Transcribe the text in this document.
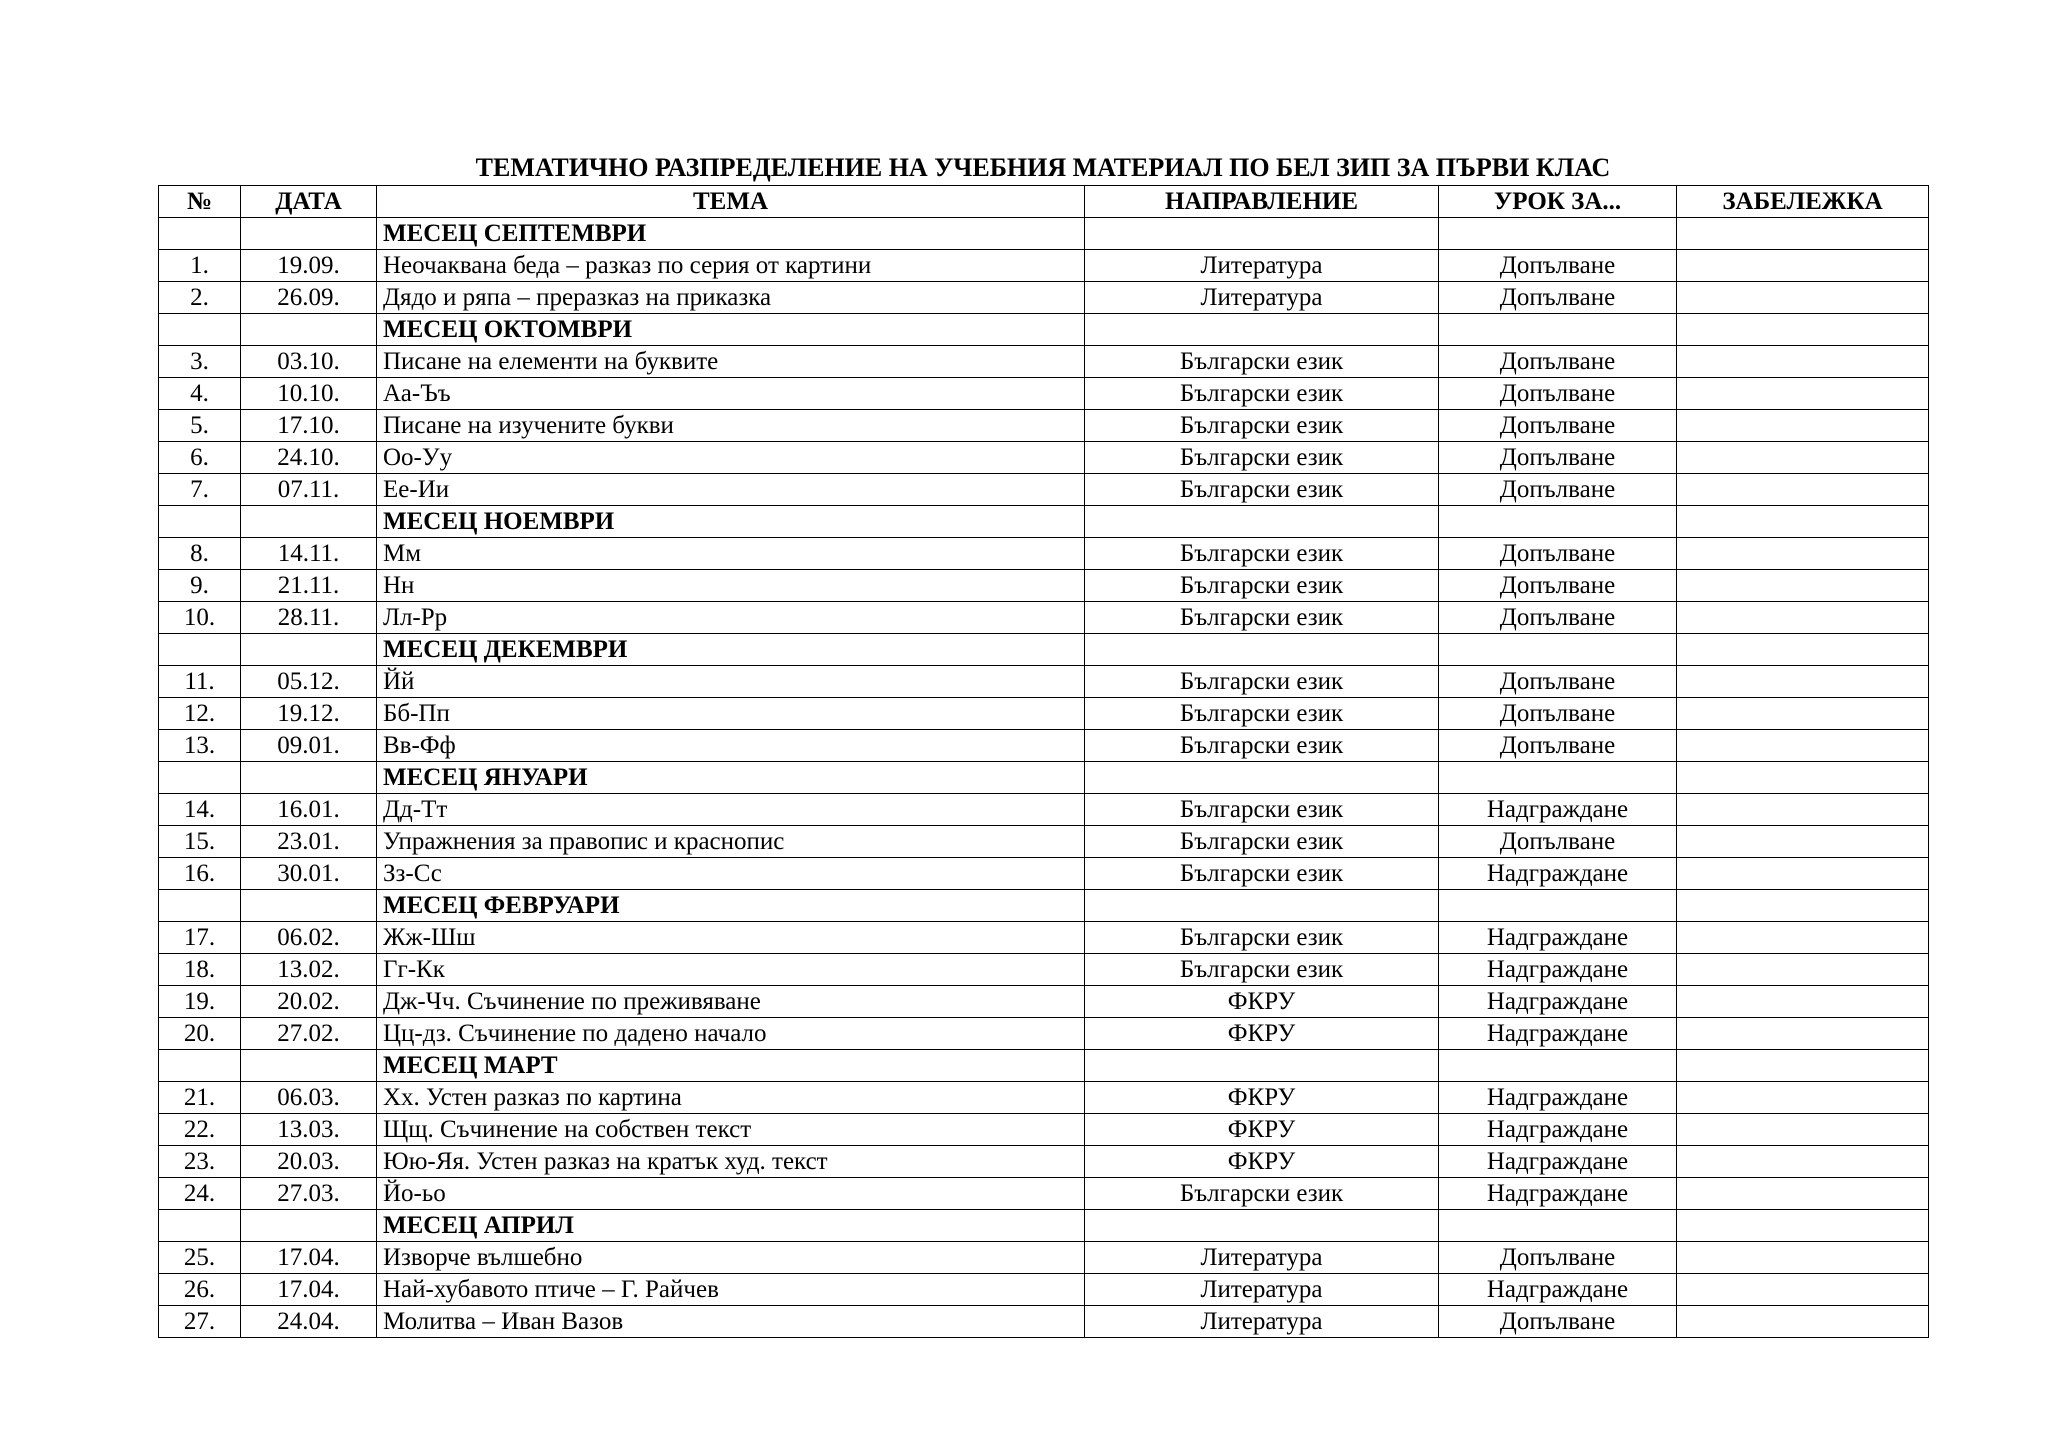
ТЕМАТИЧНО РАЗПРЕДЕЛЕНИЕ НА УЧЕБНИЯ МАТЕРИАЛ ПО БЕЛ ЗИП ЗА ПЪРВИ КЛАС
№	ДАТА	ТЕМА	НАПРАВЛЕНИЕ	УРОК ЗА...	ЗАБЕЛЕЖКА
		МЕСЕЦ СЕПТЕМВРИ			
1.	19.09.	Неочаквана беда – разказ по серия от картини	Литература	Допълване	
2.	26.09.	Дядо и ряпа – преразказ на приказка	Литература	Допълване	
		МЕСЕЦ ОКТОМВРИ			
3.	03.10.	Писане на елементи на буквите	Български език	Допълване	
4.	10.10.	Аа-Ъъ	Български език	Допълване	
5.	17.10.	Писане на изучените букви	Български език	Допълване	
6.	24.10.	Оо-Уу	Български език	Допълване	
7.	07.11.	Ее-Ии	Български език	Допълване	
		МЕСЕЦ НОЕМВРИ			
8.	14.11.	Мм	Български език	Допълване	
9.	21.11.	Нн	Български език	Допълване	
10.	28.11.	Лл-Рр	Български език	Допълване	
		МЕСЕЦ ДЕКЕМВРИ			
11.	05.12.	Йй	Български език	Допълване	
12.	19.12.	Бб-Пп	Български език	Допълване	
13.	09.01.	Вв-Фф	Български език	Допълване	
		МЕСЕЦ ЯНУАРИ			
14.	16.01.	Дд-Тт	Български език	Надграждане	
15.	23.01.	Упражнения за правопис и краснопис	Български език	Допълване	
16.	30.01.	Зз-Сс	Български език	Надграждане	
		МЕСЕЦ ФЕВРУАРИ			
17.	06.02.	Жж-Шш	Български език	Надграждане	
18.	13.02.	Гг-Кк	Български език	Надграждане	
19.	20.02.	Дж-Чч. Съчинение по преживяване	ФКРУ	Надграждане	
20.	27.02.	Цц-дз. Съчинение по дадено начало	ФКРУ	Надграждане	
		МЕСЕЦ МАРТ			
21.	06.03.	Хх. Устен разказ по картина	ФКРУ	Надграждане	
22.	13.03.	Щщ. Съчинение на собствен текст	ФКРУ	Надграждане	
23.	20.03.	Юю-Яя. Устен разказ на кратък худ. текст	ФКРУ	Надграждане	
24.	27.03.	Йо-ьо	Български език	Надграждане	
		МЕСЕЦ АПРИЛ			
25.	17.04.	Изворче вълшебно	Литература	Допълване	
26.	17.04.	Най-хубавото птиче – Г. Райчев	Литература	Надграждане	
27.	24.04.	Молитва – Иван Вазов	Литература	Допълване	
